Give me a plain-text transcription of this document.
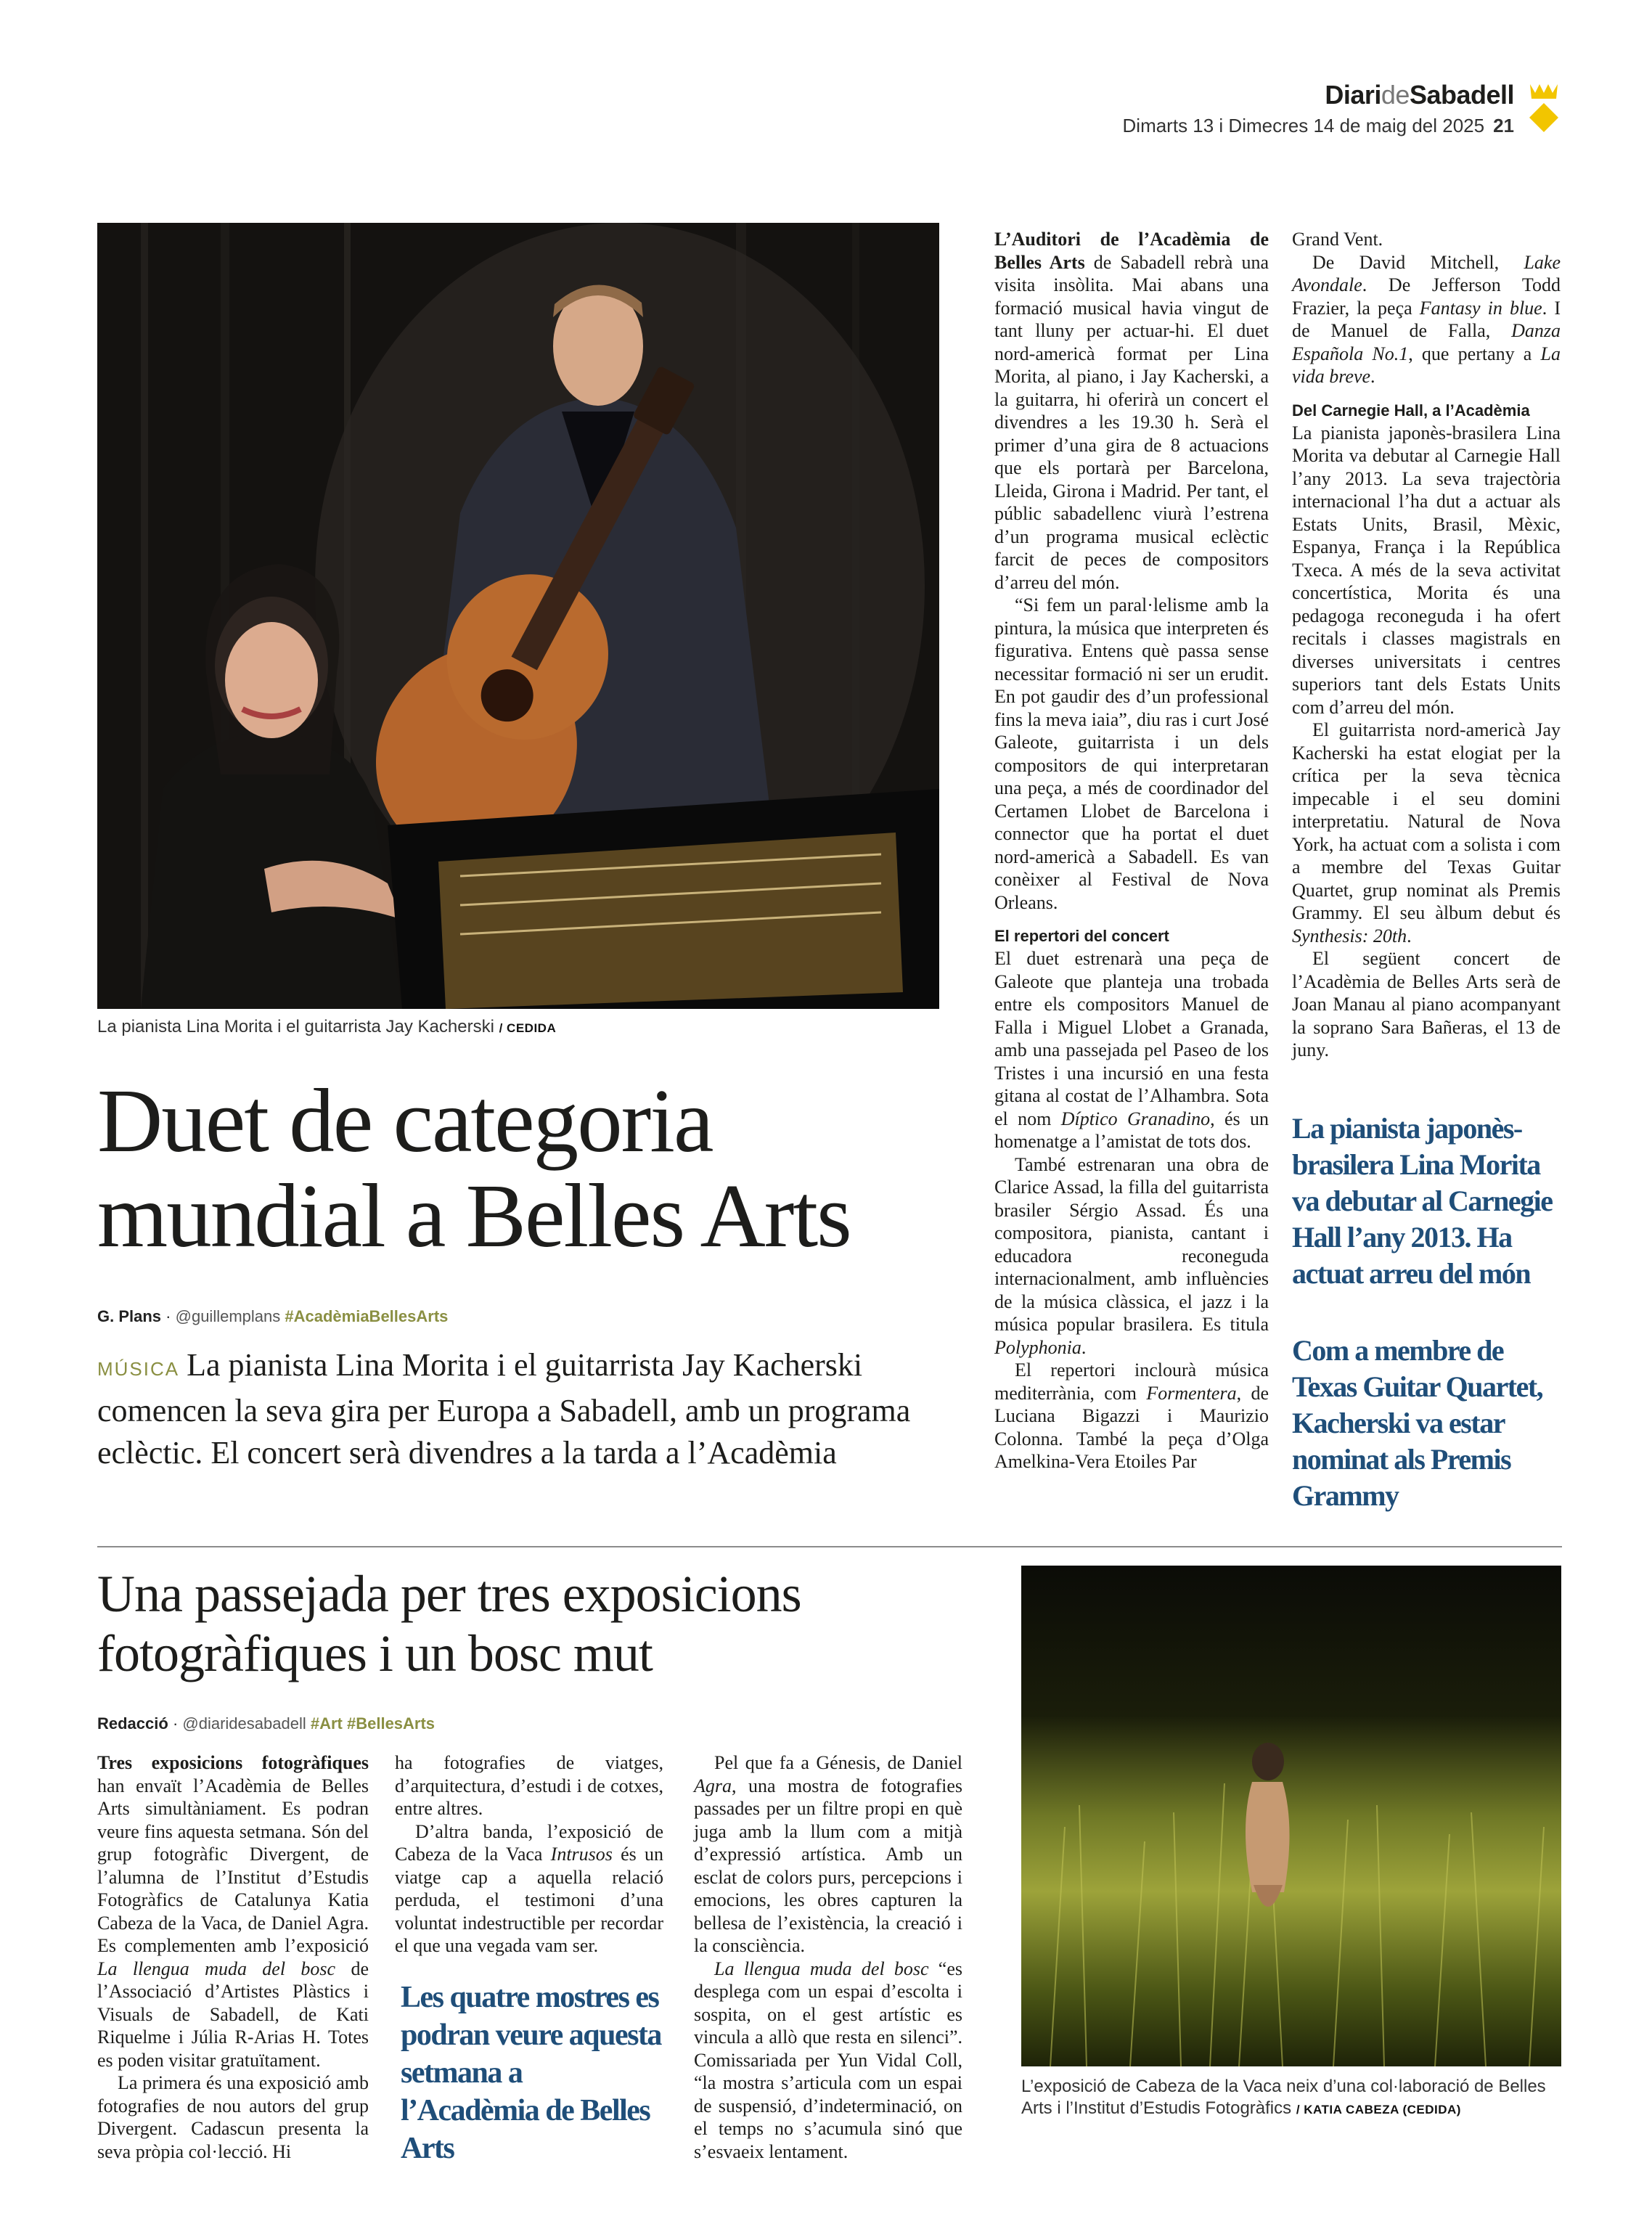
DiarideSabadell
Dimarts 13 i Dimecres 14 de maig del 2025 21
La pianista Lina Morita i el guitarrista Jay Kacherski / CEDIDA
Duet de categoria mundial a Belles Arts
G. Plans · @guillemplans #AcadèmiaBellesArts
MÚSICA La pianista Lina Morita i el guitarrista Jay Kacherski comencen la seva gira per Europa a Sabadell, amb un programa eclèctic. El concert serà divendres a la tarda a l’Acadèmia

L’Auditori de l’Acadèmia de Belles Arts de Sabadell rebrà una visita insòlita. Mai abans una formació musical havia vingut de tant lluny per actuar-hi. El duet nord-americà format per Lina Morita, al piano, i Jay Kacherski, a la guitarra, hi oferirà un concert el divendres a les 19.30 h. Serà el primer d’una gira de 8 actuacions que els portarà per Barcelona, Lleida, Girona i Madrid. Per tant, el públic sabadellenc viurà l’estrena d’un programa musical eclèctic farcit de peces de compositors d’arreu del món.

“Si fem un paral·lelisme amb la pintura, la música que interpreten és figurativa. Entens què passa sense necessitar formació ni ser un erudit. En pot gaudir des d’un professional fins la meva iaia”, diu ras i curt José Galeote, guitarrista i un dels compositors de qui interpretaran una peça, a més de coordinador del Certamen Llobet de Barcelona i connector que ha portat el duet nord-americà a Sabadell. Es van conèixer al Festival de Nova Orleans.

El repertori del concert

El duet estrenarà una peça de Galeote que planteja una trobada entre els compositors Manuel de Falla i Miguel Llobet a Granada, amb una passejada pel Paseo de los Tristes i una incursió en una festa gitana al costat de l’Alhambra. Sota el nom Díptico Granadino, és un homenatge a l’amistat de tots dos.

També estrenaran una obra de Clarice Assad, la filla del guitarrista brasiler Sérgio Assad. És una compositora, pianista, cantant i educadora reconeguda internacionalment, amb influències de la música clàssica, el jazz i la música popular brasilera. Es titula Polyphonia.

El repertori inclourà música mediterrània, com Formentera, de Luciana Bigazzi i Maurizio Colonna. També la peça d’Olga Amelkina-Vera Etoiles Par

Grand Vent.

De David Mitchell, Lake Avondale. De Jefferson Todd Frazier, la peça Fantasy in blue. I de Manuel de Falla, Danza Española No.1, que pertany a La vida breve.

Del Carnegie Hall, a l’Acadèmia

La pianista japonès-brasilera Lina Morita va debutar al Carnegie Hall l’any 2013. La seva trajectòria internacional l’ha dut a actuar als Estats Units, Brasil, Mèxic, Espanya, França i la República Txeca. A més de la seva activitat concertística, Morita és una pedagoga reconeguda i ha ofert recitals i classes magistrals en diverses universitats i centres superiors tant dels Estats Units com d’arreu del món.

El guitarrista nord-americà Jay Kacherski ha estat elogiat per la crítica per la seva tècnica impecable i el seu domini interpretatiu. Natural de Nova York, ha actuat com a solista i com a membre del Texas Guitar Quartet, grup nominat als Premis Grammy. El seu àlbum debut és Synthesis: 20th.

El següent concert de l’Acadèmia de Belles Arts serà de Joan Manau al piano acompanyant la soprano Sara Bañeras, el 13 de juny.

La pianista japonès-brasilera Lina Morita va debutar al Carnegie Hall l’any 2013. Ha actuat arreu del món
Com a membre de Texas Guitar Quartet, Kacherski va estar nominat als Premis Grammy
Una passejada per tres exposicions fotogràfiques i un bosc mut
Redacció · @diaridesabadell #Art #BellesArts

Tres exposicions fotogràfiques han envaït l’Acadèmia de Belles Arts simultàniament. Es podran veure fins aquesta setmana. Són del grup fotogràfic Divergent, de l’alumna de l’Institut d’Estudis Fotogràfics de Catalunya Katia Cabeza de la Vaca, de Daniel Agra. Es complementen amb l’exposició La llengua muda del bosc de l’Associació d’Artistes Plàstics i Visuals de Sabadell, de Kati Riquelme i Júlia R-Arias H. Totes es poden visitar gratuïtament.

La primera és una exposició amb fotografies de nou autors del grup Divergent. Cadascun presenta la seva pròpia col·lecció. Hi

ha fotografies de viatges, d’arquitectura, d’estudi i de cotxes, entre altres.

D’altra banda, l’exposició de Cabeza de la Vaca Intrusos és un viatge cap a aquella relació perduda, el testimoni d’una voluntat indestructible per recordar el que una vegada vam ser.

Les quatre mostres es podran veure aquesta setmana a l’Acadèmia de Belles Arts

Pel que fa a Génesis, de Daniel Agra, una mostra de fotografies passades per un filtre propi en què juga amb la llum com a mitjà d’expressió artística. Amb un esclat de colors purs, percepcions i emocions, les obres capturen la bellesa de l’existència, la creació i la consciència.

La llengua muda del bosc “es desplega com un espai d’escolta i sospita, on el gest artístic es vincula a allò que resta en silenci”. Comissariada per Yun Vidal Coll, “la mostra s’articula com un espai de suspensió, d’indeterminació, on el temps no s’acumula sinó que s’esvaeix lentament.

L’exposició de Cabeza de la Vaca neix d’una col·laboració de Belles Arts i l’Institut d’Estudis Fotogràfics / KATIA CABEZA (CEDIDA)
